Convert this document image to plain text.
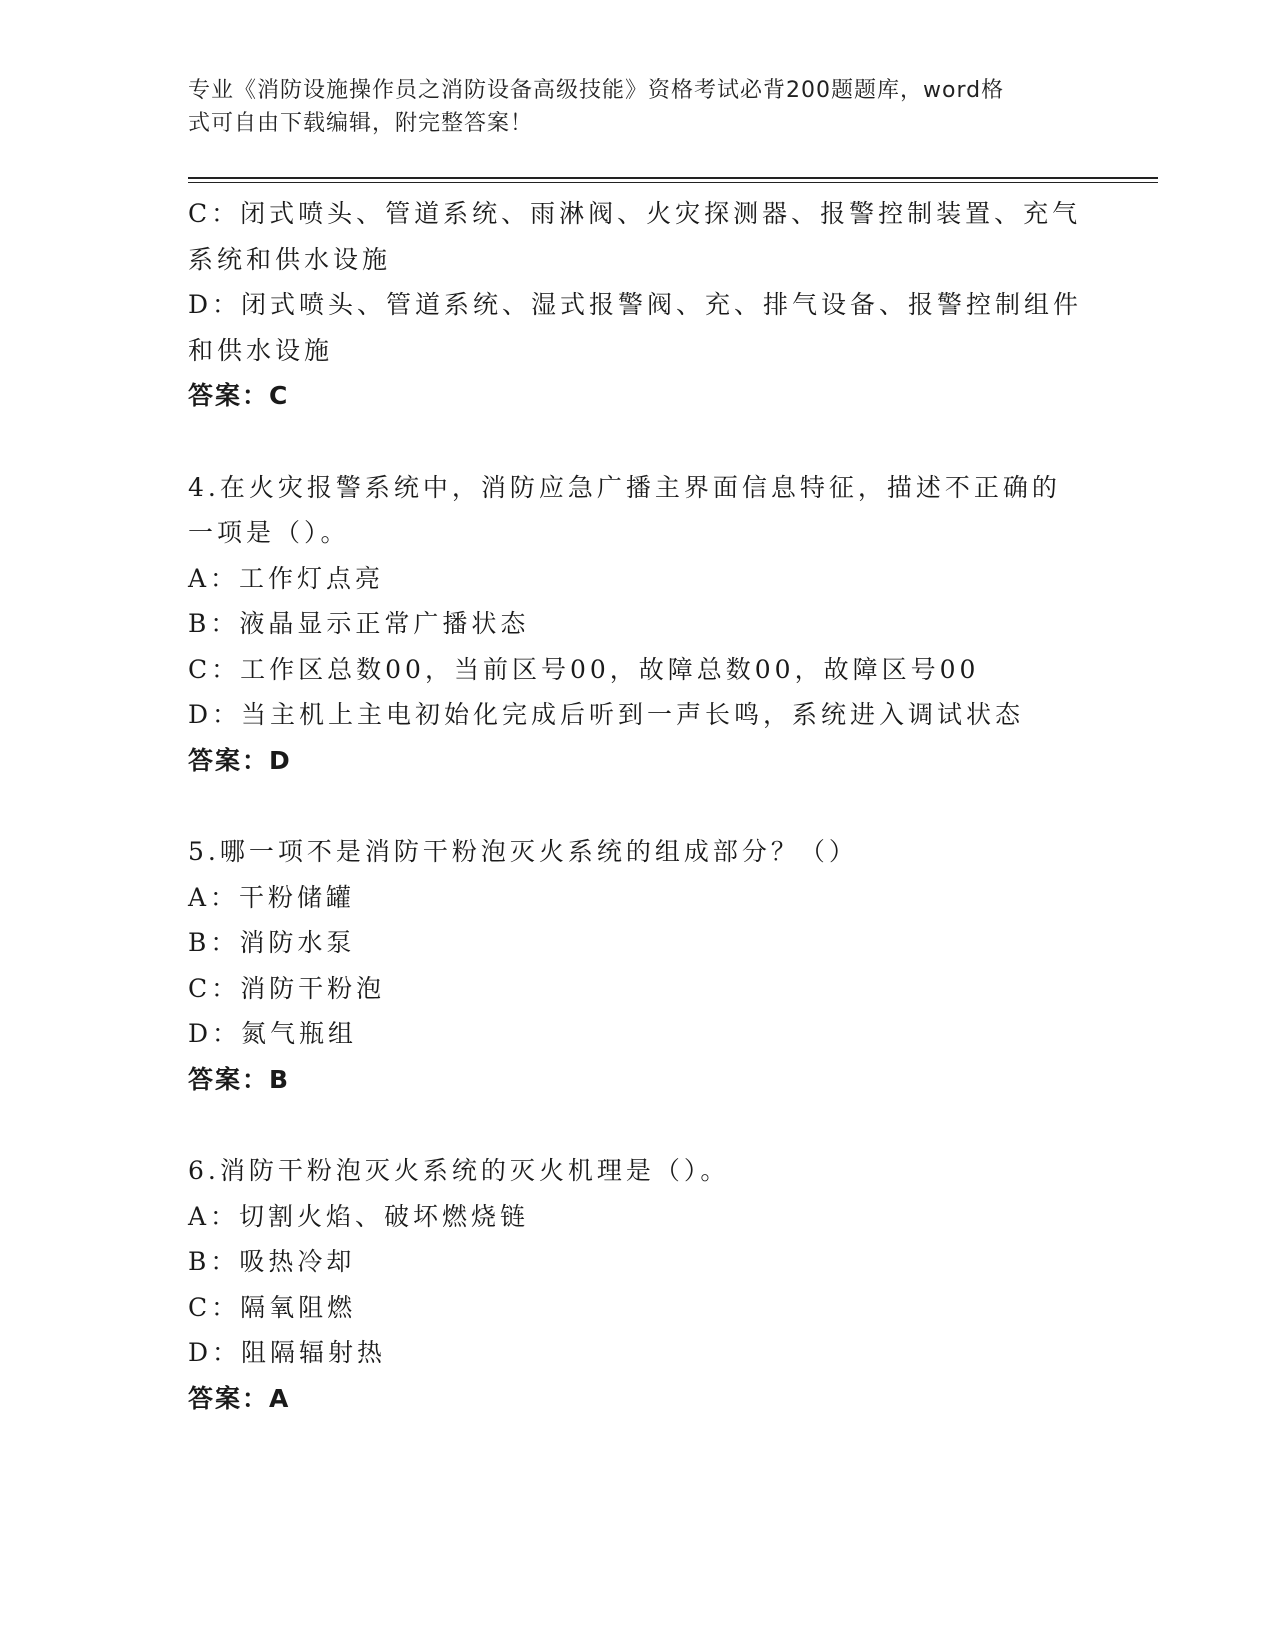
专业《消防设施操作员之消防设备高级技能》资格考试必背200题题库，word格
式可自由下载编辑，附完整答案！

C：闭式喷头、管道系统、雨淋阀、火灾探测器、报警控制装置、充气

系统和供水设施

D：闭式喷头、管道系统、湿式报警阀、充、排气设备、报警控制组件

和供水设施

答案：C

4.在火灾报警系统中，消防应急广播主界面信息特征，描述不正确的

一项是（）。

A：工作灯点亮

B：液晶显示正常广播状态

C：工作区总数00，当前区号00，故障总数00，故障区号00

D：当主机上主电初始化完成后听到一声长鸣，系统进入调试状态

答案：D

5.哪一项不是消防干粉泡灭火系统的组成部分？（）

A：干粉储罐

B：消防水泵

C：消防干粉泡

D：氮气瓶组

答案：B

6.消防干粉泡灭火系统的灭火机理是（）。

A：切割火焰、破坏燃烧链

B：吸热冷却

C：隔氧阻燃

D：阻隔辐射热

答案：A
